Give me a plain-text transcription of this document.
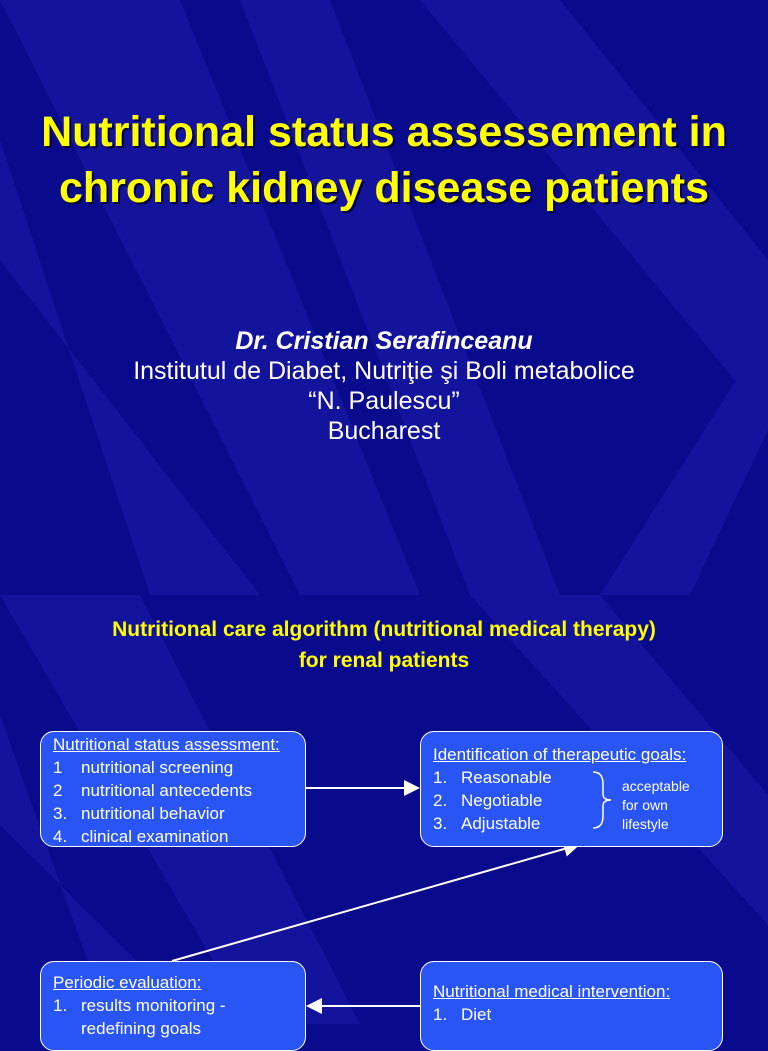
Nutritional status assessement in
chronic kidney disease patients
Dr. Cristian Serafinceanu
Institutul de Diabet, Nutriţie şi Boli metabolice
“N. Paulescu”
Bucharest
Nutritional care algorithm (nutritional medical therapy)
for renal patients
Nutritional status assessment:
1 nutritional screening
2 nutritional antecedents
3. nutritional behavior
4. clinical examination
Identification of therapeutic goals:
1. Reasonable
2. Negotiable
3. Adjustable
acceptable
for own
lifestyle
Periodic evaluation:
1. results monitoring -
redefining goals
Nutritional medical intervention:
1. Diet
